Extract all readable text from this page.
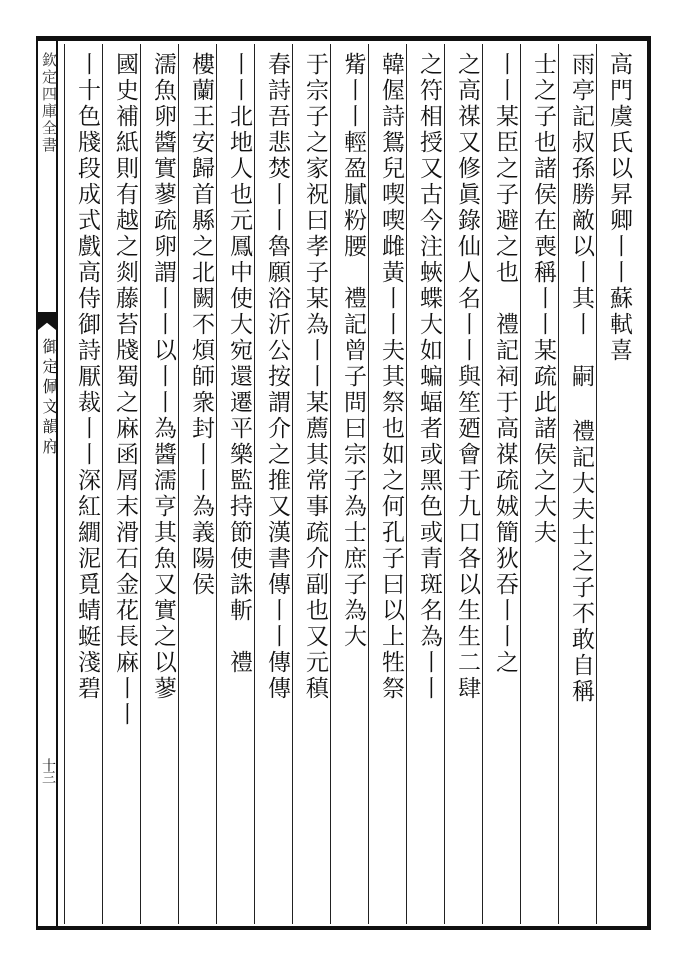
欽定四庫全書
御定佩文韻府
十三
高門虞氏以昇卿丨丨蘇軾喜
雨亭記叔孫勝敵以丨其丨　嗣 禮記大夫士之子不敢自稱
士之子也諸侯在喪稱丨丨某疏此諸侯之大夫
丨丨某臣之子避之也　禮記祠于高禖疏娀簡狄吞丨丨之
之高禖又修眞錄仙人名丨丨與笙廼會于九口各以生生二肆
之符相授又古今注蛺蝶大如蝙蝠者或黑色或青斑名為丨丨
韓偓詩鴛兒喫喫雌黃丨丨夫其祭也如之何孔子曰以上牲祭
觜丨丨輕盈膩粉腰　禮記曾子問曰宗子為士庶子為大
于宗子之家祝曰孝子某為丨丨某薦其常事疏介副也又元稹
春詩吾悲焚丨丨魯願浴沂公按謂介之推又漢書傳丨丨傳傳
丨丨北地人也元鳳中使大宛還遷平樂監持節使誅斬　禮
樓蘭王安歸首縣之北闕不煩師衆封丨丨為義陽侯
濡魚卵醬實蓼疏卵謂丨丨以丨丨為醬濡亨其魚又實之以蓼
國史補紙則有越之剡藤苔牋蜀之麻函屑末滑石金花長麻丨丨
丨十色牋段成式戲高侍御詩厭裁丨丨深紅繝泥覓蜻蜓淺碧
